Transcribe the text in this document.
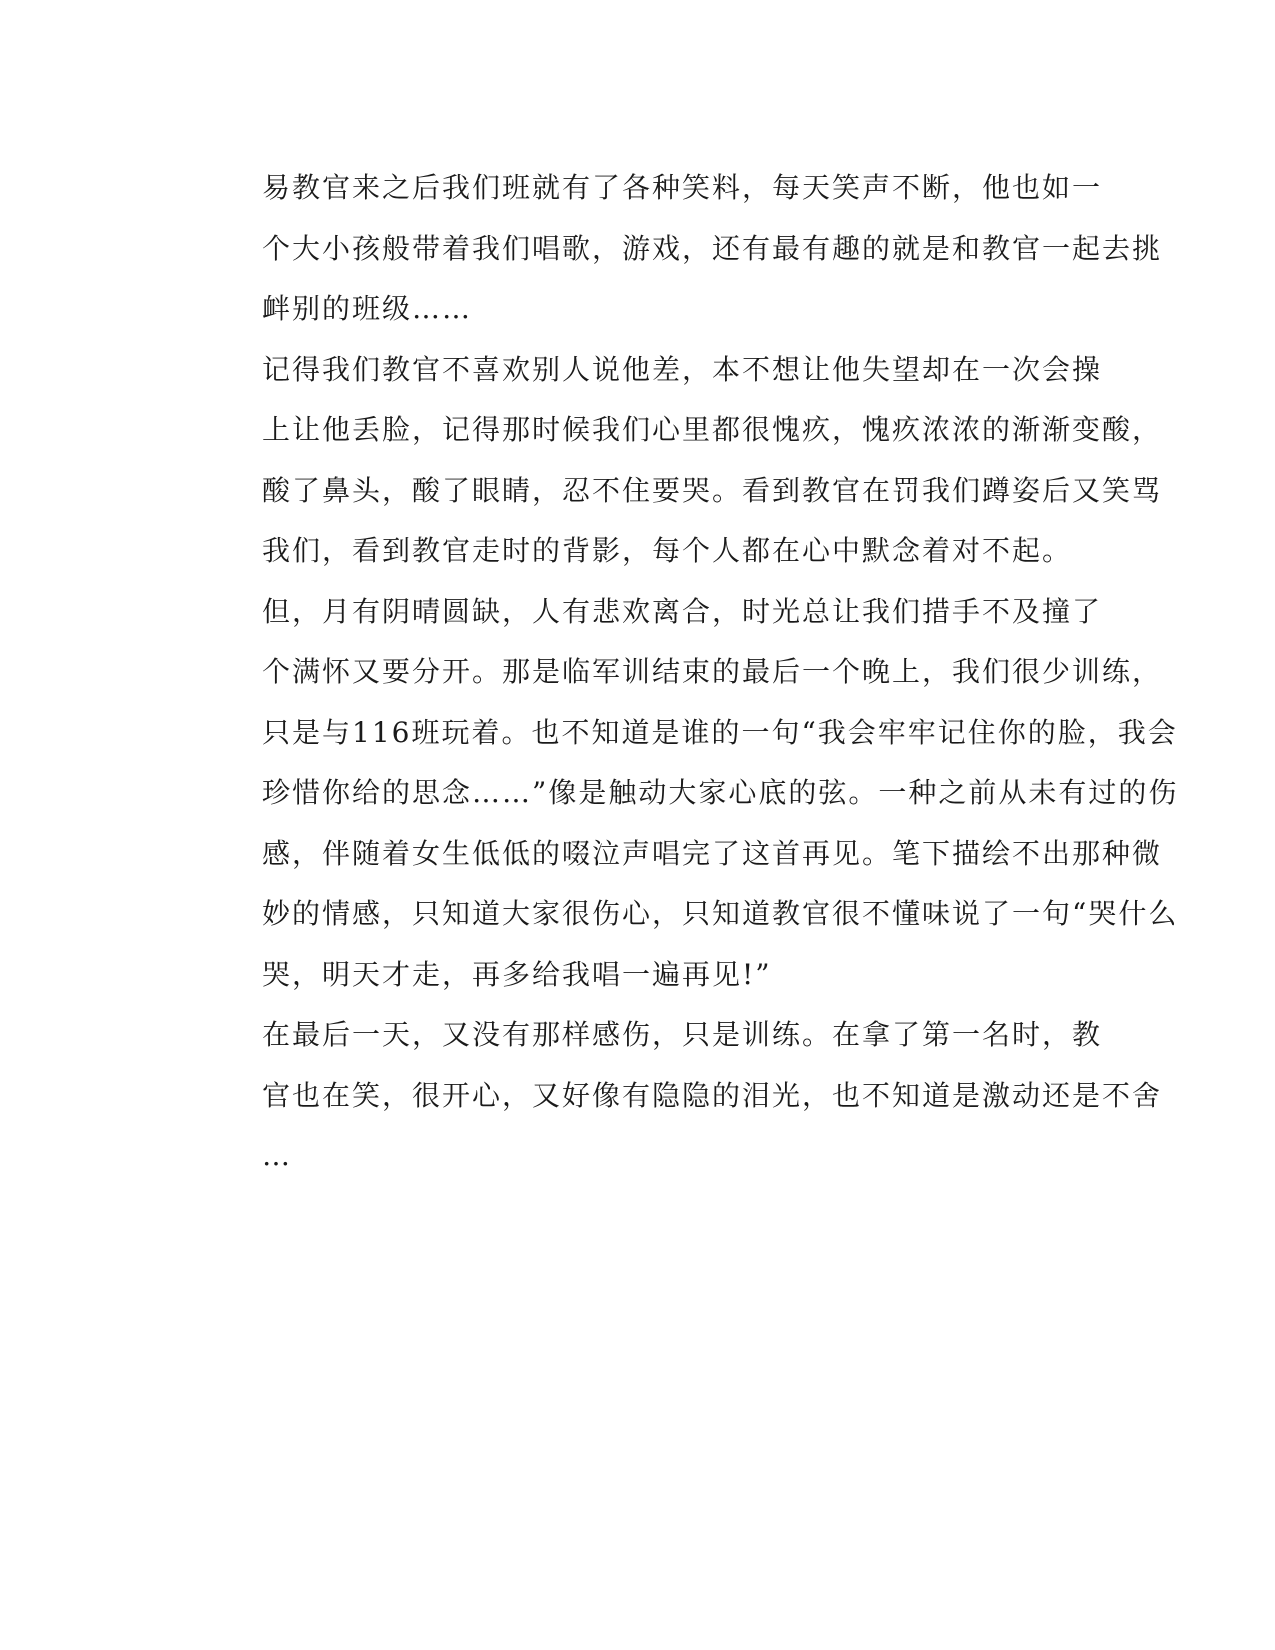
易教官来之后我们班就有了各种笑料，每天笑声不断，他也如一
个大小孩般带着我们唱歌，游戏，还有最有趣的就是和教官一起去挑
衅别的班级……

记得我们教官不喜欢别人说他差，本不想让他失望却在一次会操
上让他丢脸，记得那时候我们心里都很愧疚，愧疚浓浓的渐渐变酸，
酸了鼻头，酸了眼睛，忍不住要哭。看到教官在罚我们蹲姿后又笑骂
我们，看到教官走时的背影，每个人都在心中默念着对不起。

但，月有阴晴圆缺，人有悲欢离合，时光总让我们措手不及撞了
个满怀又要分开。那是临军训结束的最后一个晚上，我们很少训练，
只是与116班玩着。也不知道是谁的一句“我会牢牢记住你的脸，我会
珍惜你给的思念……”像是触动大家心底的弦。一种之前从未有过的伤
感，伴随着女生低低的啜泣声唱完了这首再见。笔下描绘不出那种微
妙的情感，只知道大家很伤心，只知道教官很不懂味说了一句“哭什么
哭，明天才走，再多给我唱一遍再见!”

在最后一天，又没有那样感伤，只是训练。在拿了第一名时，教
官也在笑，很开心，又好像有隐隐的泪光，也不知道是激动还是不舍
…
